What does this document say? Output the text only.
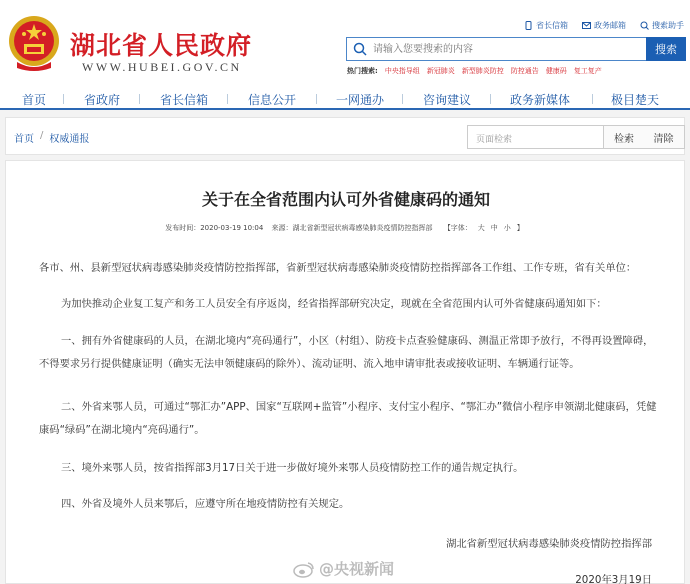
湖北省人民政府
WWW.HUBEI.GOV.CN
省长信箱	政务邮箱	搜索助手
请输入您要搜索的内容
搜索
热门搜索: 中央指导组 新冠肺炎 新型肺炎防控 防控通告 健康码 复工复产
首页	省政府	省长信箱	信息公开	一网通办	咨询建议	政务新媒体	极目楚天
首页 / 权威通报	页面检索	检索	清除
关于在全省范围内认可外省健康码的通知
发布时间：2020-03-19 10:04 来源：湖北省新型冠状病毒感染肺炎疫情防控指挥部 【字体： 大 中 小 】
各市、州、县新型冠状病毒感染肺炎疫情防控指挥部，省新型冠状病毒感染肺炎疫情防控指挥部各工作组、工作专班，省有关单位：
为加快推动企业复工复产和务工人员安全有序返岗，经省指挥部研究决定，现就在全省范围内认可外省健康码通知如下：
一、拥有外省健康码的人员，在湖北境内“亮码通行”，小区（村组）、防疫卡点查验健康码、测温正常即予放行，不得再设置障碍，不得要求另行提供健康证明（确实无法申领健康码的除外）、流动证明、流入地申请审批表或接收证明、车辆通行证等。
二、外省来鄂人员，可通过“鄂汇办”APP、国家“互联网+监管”小程序、支付宝小程序、“鄂汇办”微信小程序申领湖北健康码，凭健康码“绿码”在湖北境内“亮码通行”。
三、境外来鄂人员，按省指挥部3月17日关于进一步做好境外来鄂人员疫情防控工作的通告规定执行。
四、外省及境外人员来鄂后，应遵守所在地疫情防控有关规定。
湖北省新型冠状病毒感染肺炎疫情防控指挥部
2020年3月19日
@央视新闻
